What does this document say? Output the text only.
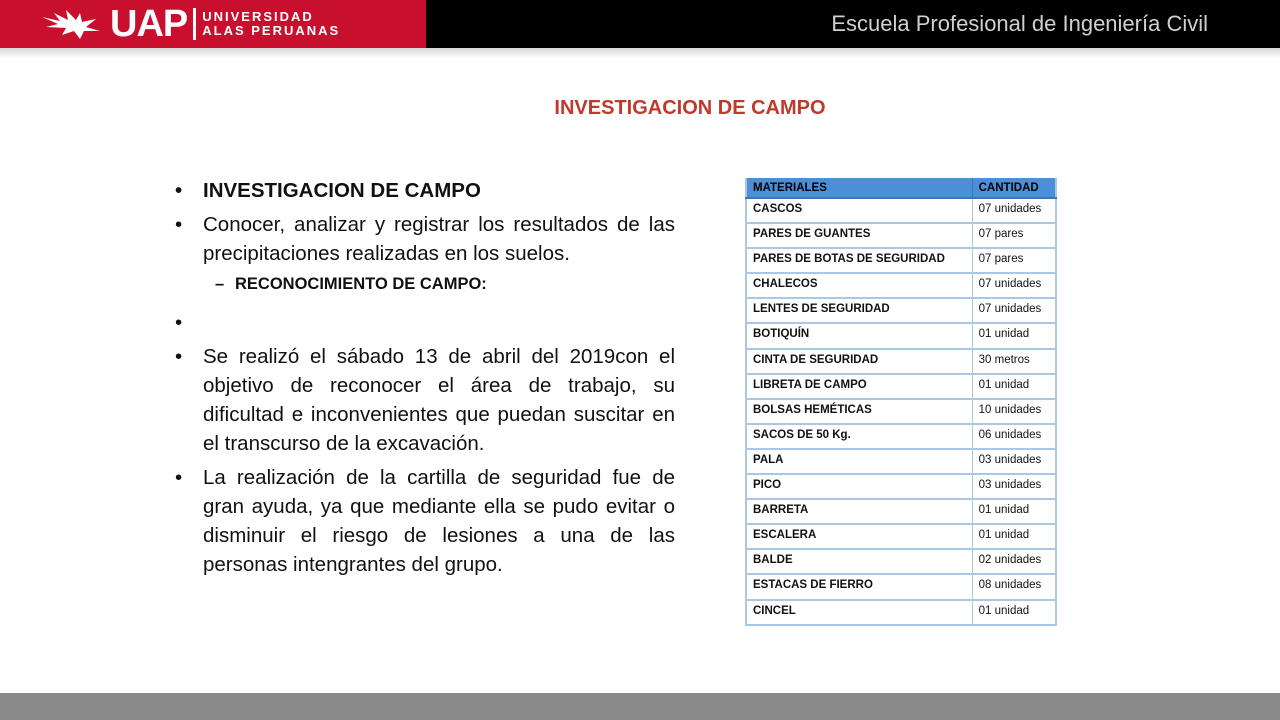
UAP UNIVERSIDAD
ALAS PERUANAS	Escuela Profesional de Ingeniería Civil
INVESTIGACION DE CAMPO
• INVESTIGACION DE CAMPO
• Conocer, analizar y registrar los resultados de las precipitaciones realizadas en los suelos.
– RECONOCIMIENTO DE CAMPO:
•
• Se realizó el sábado 13 de abril del 2019con el objetivo de reconocer el área de trabajo, su dificultad e inconvenientes que puedan suscitar en el transcurso de la excavación.
• La realización de la cartilla de seguridad fue de gran ayuda, ya que mediante ella se pudo evitar o disminuir el riesgo de lesiones a una de las personas intengrantes del grupo.
MATERIALES	CANTIDAD
CASCOS	07 unidades
PARES DE GUANTES	07 pares
PARES DE BOTAS DE SEGURIDAD	07 pares
CHALECOS	07 unidades
LENTES DE SEGURIDAD	07 unidades
BOTIQUÍN	01 unidad
CINTA DE SEGURIDAD	30 metros
LIBRETA DE CAMPO	01 unidad
BOLSAS HEMÉTICAS	10 unidades
SACOS DE 50 Kg.	06 unidades
PALA	03 unidades
PICO	03 unidades
BARRETA	01 unidad
ESCALERA	01 unidad
BALDE	02 unidades
ESTACAS DE FIERRO	08 unidades
CINCEL	01 unidad
